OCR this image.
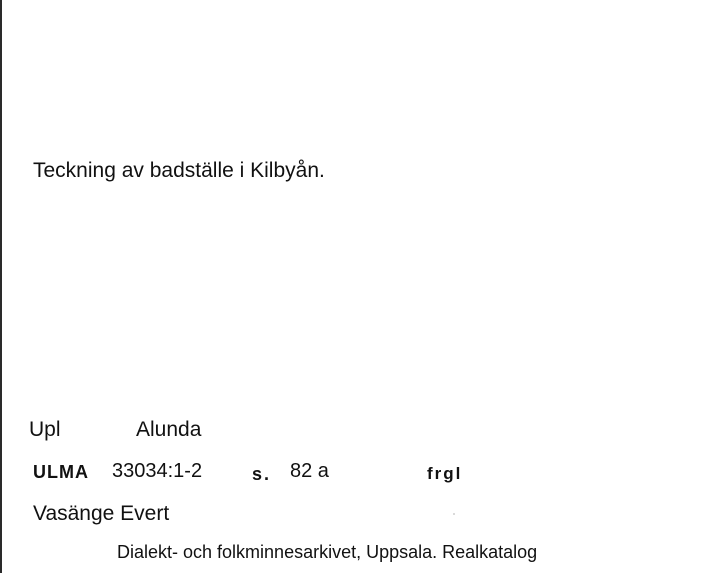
Teckning av badställe i Kilbyån.
Upl	Alunda
ULMA 33034:1-2	s. 82 a	frgl
Vasänge Evert
Dialekt- och folkminnesarkivet, Uppsala. Realkatalog
